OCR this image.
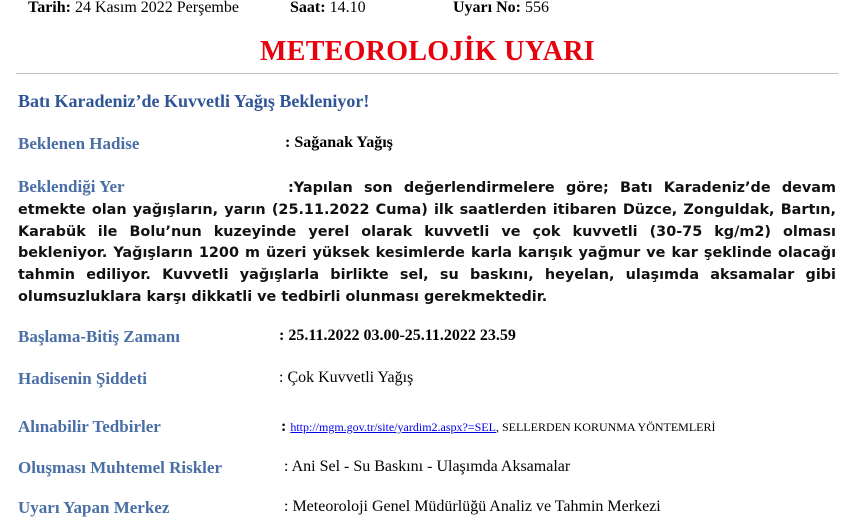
Tarih: 24 Kasım 2022 Perşembe	Saat: 14.10	Uyarı No: 556
METEOROLOJİK UYARI
Batı Karadeniz’de Kuvvetli Yağış Bekleniyor!
Beklenen Hadise	: Sağanak Yağış
Beklendiği Yer	:Yapılan son değerlendirmelere göre; Batı Karadeniz’de devam etmekte olan yağışların, yarın (25.11.2022 Cuma) ilk saatlerden itibaren Düzce, Zonguldak, Bartın, Karabük ile Bolu’nun kuzeyinde yerel olarak kuvvetli ve çok kuvvetli (30-75 kg/m2) olması bekleniyor. Yağışların 1200 m üzeri yüksek kesimlerde karla karışık yağmur ve kar şeklinde olacağı tahmin ediliyor. Kuvvetli yağışlarla birlikte sel, su baskını, heyelan, ulaşımda aksamalar gibi olumsuzluklara karşı dikkatli ve tedbirli olunması gerekmektedir.
Başlama-Bitiş Zamanı	: 25.11.2022 03.00-25.11.2022 23.59
Hadisenin Şiddeti	: Çok Kuvvetli Yağış
Alınabilir Tedbirler	: http://mgm.gov.tr/site/yardim2.aspx?=SEL, SELLERDEN KORUNMA YÖNTEMLERİ
Oluşması Muhtemel Riskler	: Ani Sel - Su Baskını - Ulaşımda Aksamalar
Uyarı Yapan Merkez	: Meteoroloji Genel Müdürlüğü Analiz ve Tahmin Merkezi
